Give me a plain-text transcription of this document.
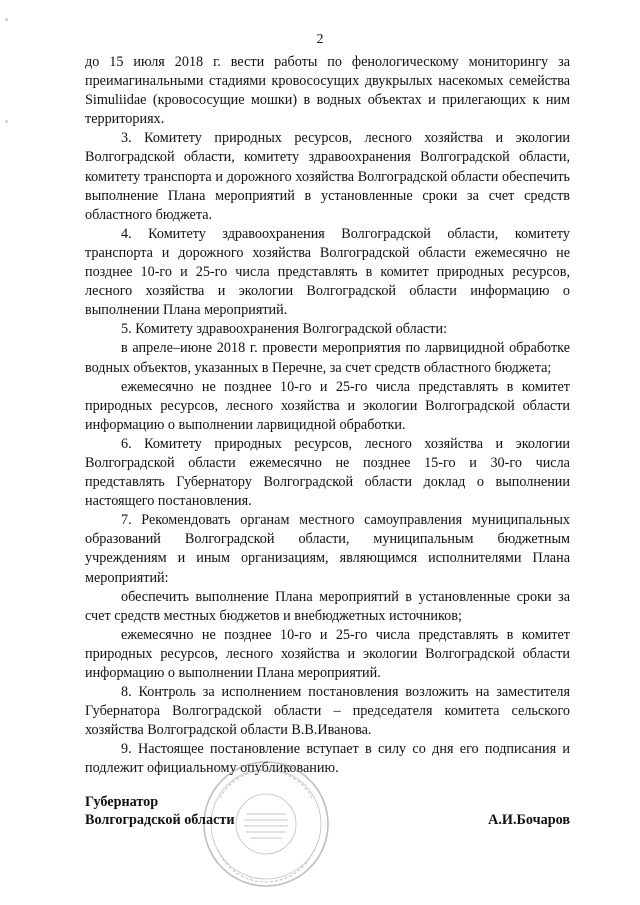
2

до 15 июля 2018 г. вести работы по фенологическому мониторингу за преимагинальными стадиями кровососущих двукрылых насекомых семейства Simuliidae (кровососущие мошки) в водных объектах и прилегающих к ним территориях.

3. Комитету природных ресурсов, лесного хозяйства и экологии Волгоградской области, комитету здравоохранения Волгоградской области, комитету транспорта и дорожного хозяйства Волгоградской области обеспечить выполнение Плана мероприятий в установленные сроки за счет средств областного бюджета.

4. Комитету здравоохранения Волгоградской области, комитету транспорта и дорожного хозяйства Волгоградской области ежемесячно не позднее 10-го и 25-го числа представлять в комитет природных ресурсов, лесного хозяйства и экологии Волгоградской области информацию о выполнении Плана мероприятий.

5. Комитету здравоохранения Волгоградской области:

в апреле–июне 2018 г. провести мероприятия по ларвицидной обработке водных объектов, указанных в Перечне, за счет средств областного бюджета;

ежемесячно не позднее 10-го и 25-го числа представлять в комитет природных ресурсов, лесного хозяйства и экологии Волгоградской области информацию о выполнении ларвицидной обработки.

6. Комитету природных ресурсов, лесного хозяйства и экологии Волгоградской области ежемесячно не позднее 15-го и 30-го числа представлять Губернатору Волгоградской области доклад о выполнении настоящего постановления.

7. Рекомендовать органам местного самоуправления муниципальных образований Волгоградской области, муниципальным бюджетным учреждениям и иным организациям, являющимся исполнителями Плана мероприятий:

обеспечить выполнение Плана мероприятий в установленные сроки за счет средств местных бюджетов и внебюджетных источников;

ежемесячно не позднее 10-го и 25-го числа представлять в комитет природных ресурсов, лесного хозяйства и экологии Волгоградской области информацию о выполнении Плана мероприятий.

8. Контроль за исполнением постановления возложить на заместителя Губернатора Волгоградской области – председателя комитета сельского хозяйства Волгоградской области В.В.Иванова.

9. Настоящее постановление вступает в силу со дня его подписания и подлежит официальному опубликованию.

Губернатор
Волгоградской области	А.И.Бочаров
